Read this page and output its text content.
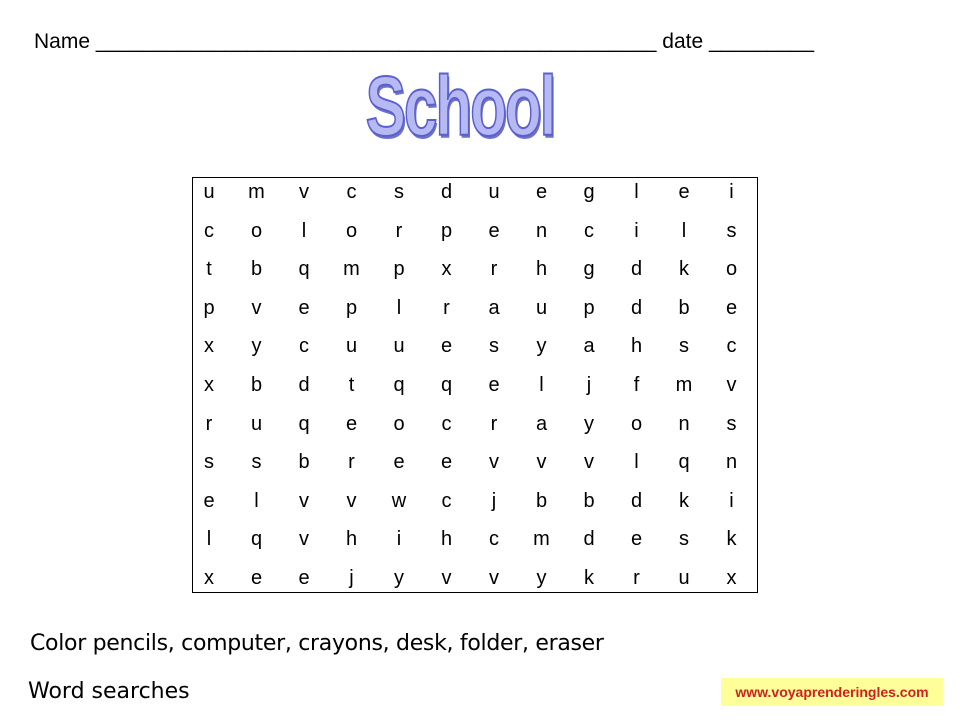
Name ________________________________________________ date _________
School
u m v c s d u e g	l	e	i
c o	l	o	r	p e n c	i	l	s
t	b q m p x	r	h g d k o
p v e p	l	r	a u p d b e
x y c u u e s y a h s c
x b d	t	q q e	l	j	f	m v
r	u q e o c	r	a y o n s
s s b	r	e e v v v	l	q n
e	l	v v w c	j	b b d k	i
l	q v h	i	h c m d e s k
x e e	j	y v v y k	r	u x
Color pencils, computer, crayons, desk, folder, eraser
Word searches	www.voyaprenderingles.com
